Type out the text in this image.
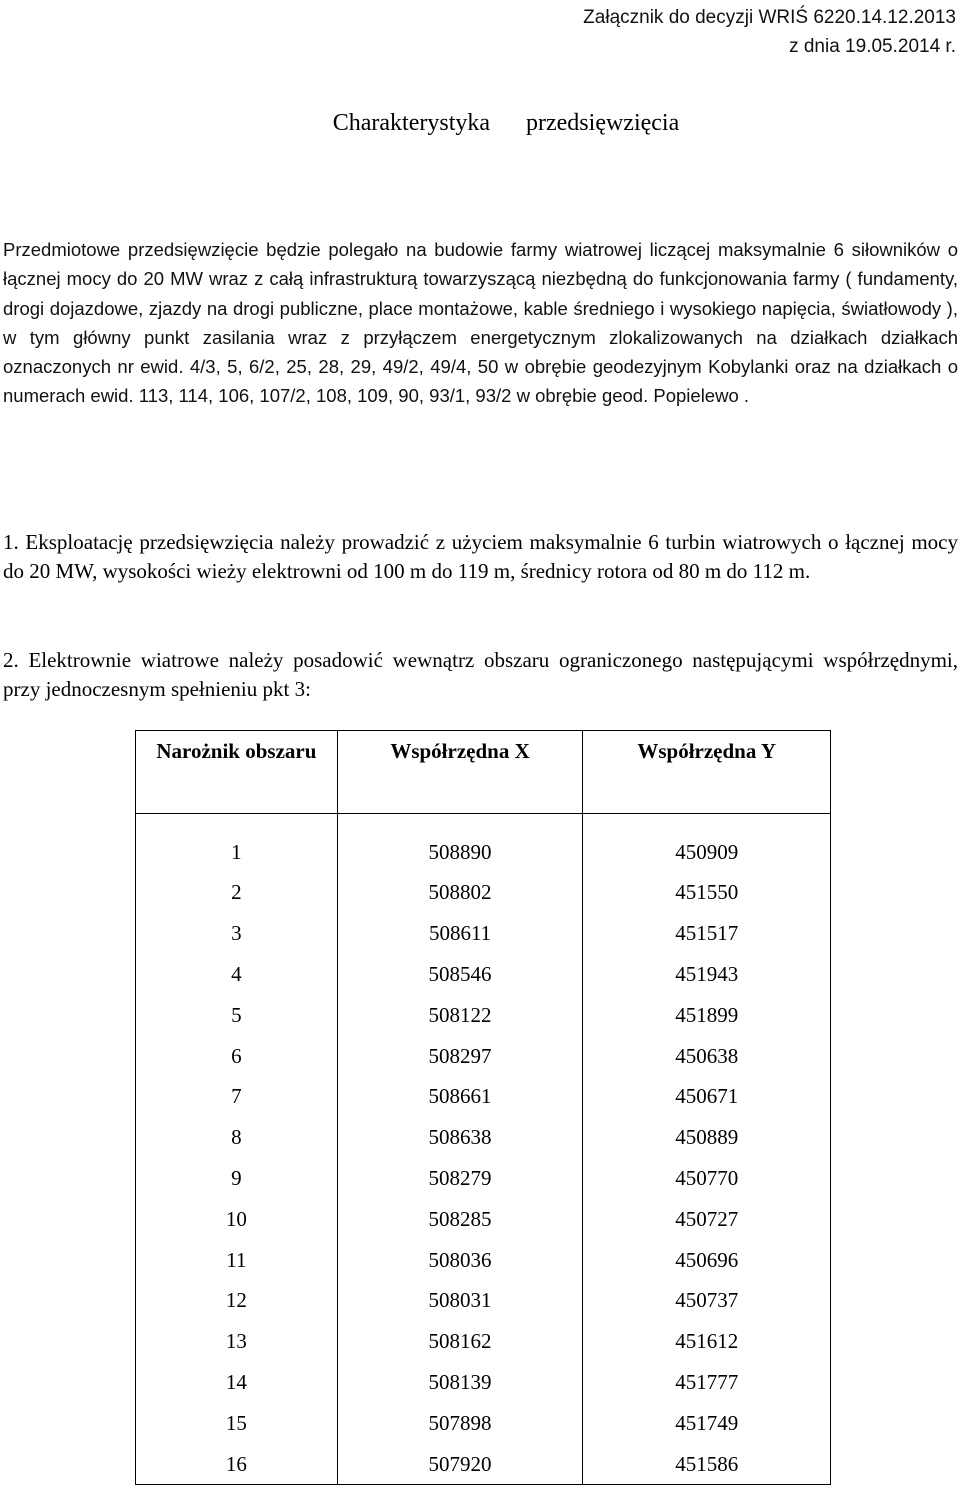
Załącznik do decyzji WRIŚ 6220.14.12.2013
z dnia 19.05.2014 r.
Charakterystyka przedsięwzięcia

Przedmiotowe przedsięwzięcie będzie polegało na budowie farmy wiatrowej liczącej maksymalnie 6 siłowników o łącznej mocy do 20 MW wraz z całą infrastrukturą towarzyszącą niezbędną do funkcjonowania farmy ( fundamenty, drogi dojazdowe, zjazdy na drogi publiczne, place montażowe, kable średniego i wysokiego napięcia, światłowody ), w tym główny punkt zasilania wraz z przyłączem energetycznym zlokalizowanych na działkach działkach oznaczonych nr ewid. 4/3, 5, 6/2, 25, 28, 29, 49/2, 49/4, 50 w obrębie geodezyjnym Kobylanki oraz na działkach o numerach ewid. 113, 114, 106, 107/2, 108, 109, 90, 93/1, 93/2 w obrębie geod. Popielewo .

1. Eksploatację przedsięwzięcia należy prowadzić z użyciem maksymalnie 6 turbin wiatrowych o łącznej mocy do 20 MW, wysokości wieży elektrowni od 100 m do 119 m, średnicy rotora od 80 m do 112 m.

2. Elektrownie wiatrowe należy posadowić wewnątrz obszaru ograniczonego następującymi współrzędnymi, przy jednoczesnym spełnieniu pkt 3:

Narożnik obszaru	Współrzędna X	Współrzędna Y
1	508890	450909
2	508802	451550
3	508611	451517
4	508546	451943
5	508122	451899
6	508297	450638
7	508661	450671
8	508638	450889
9	508279	450770
10	508285	450727
11	508036	450696
12	508031	450737
13	508162	451612
14	508139	451777
15	507898	451749
16	507920	451586
